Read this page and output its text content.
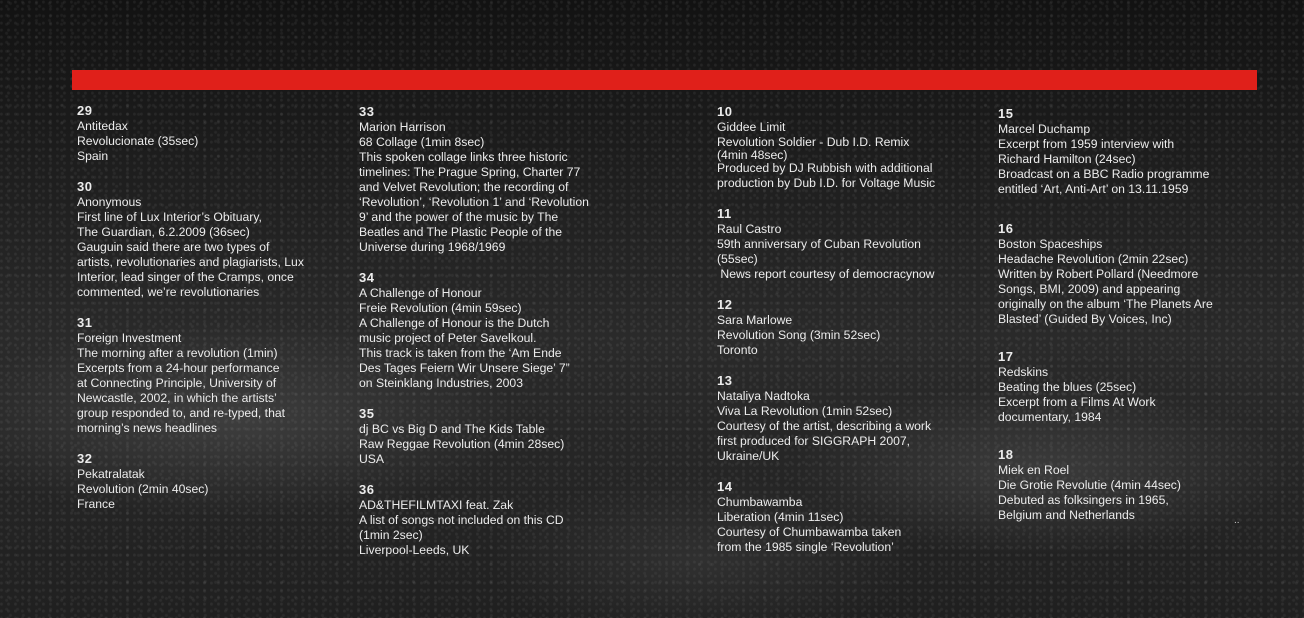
29
Antitedax
Revolucionate (35sec)
Spain
30
Anonymous
First line of Lux Interior’s Obituary,
The Guardian, 6.2.2009 (36sec)
Gauguin said there are two types of
artists, revolutionaries and plagiarists, Lux
Interior, lead singer of the Cramps, once
commented, we’re revolutionaries
31
Foreign Investment
The morning after a revolution (1min)
Excerpts from a 24-hour performance
at Connecting Principle, University of
Newcastle, 2002, in which the artists’
group responded to, and re-typed, that
morning’s news headlines
32
Pekatralatak
Revolution (2min 40sec)
France
33
Marion Harrison
68 Collage (1min 8sec)
This spoken collage links three historic
timelines: The Prague Spring, Charter 77
and Velvet Revolution; the recording of
‘Revolution’, ‘Revolution 1’ and ‘Revolution
9’ and the power of the music by The
Beatles and The Plastic People of the
Universe during 1968/1969
34
A Challenge of Honour
Freie Revolution (4min 59sec)
A Challenge of Honour is the Dutch
music project of Peter Savelkoul.
This track is taken from the ‘Am Ende
Des Tages Feiern Wir Unsere Siege’ 7”
on Steinklang Industries, 2003
35
dj BC vs Big D and The Kids Table
Raw Reggae Revolution (4min 28sec)
USA
36
AD&THEFILMTAXI feat. Zak
A list of songs not included on this CD
(1min 2sec)
Liverpool-Leeds, UK
10
Giddee Limit
Revolution Soldier - Dub I.D. Remix
(4min 48sec)
Produced by DJ Rubbish with additional
production by Dub I.D. for Voltage Music
11
Raul Castro
59th anniversary of Cuban Revolution
(55sec)
News report courtesy of democracynow
12
Sara Marlowe
Revolution Song (3min 52sec)
Toronto
13
Nataliya Nadtoka
Viva La Revolution (1min 52sec)
Courtesy of the artist, describing a work
first produced for SIGGRAPH 2007,
Ukraine/UK
14
Chumbawamba
Liberation (4min 11sec)
Courtesy of Chumbawamba taken
from the 1985 single ‘Revolution’
15
Marcel Duchamp
Excerpt from 1959 interview with
Richard Hamilton (24sec)
Broadcast on a BBC Radio programme
entitled ‘Art, Anti-Art’ on 13.11.1959
16
Boston Spaceships
Headache Revolution (2min 22sec)
Written by Robert Pollard (Needmore
Songs, BMI, 2009) and appearing
originally on the album ‘The Planets Are
Blasted’ (Guided By Voices, Inc)
17
Redskins
Beating the blues (25sec)
Excerpt from a Films At Work
documentary, 1984
18
Miek en Roel
Die Grotie Revolutie (4min 44sec)
Debuted as folksingers in 1965,
Belgium and Netherlands	..
